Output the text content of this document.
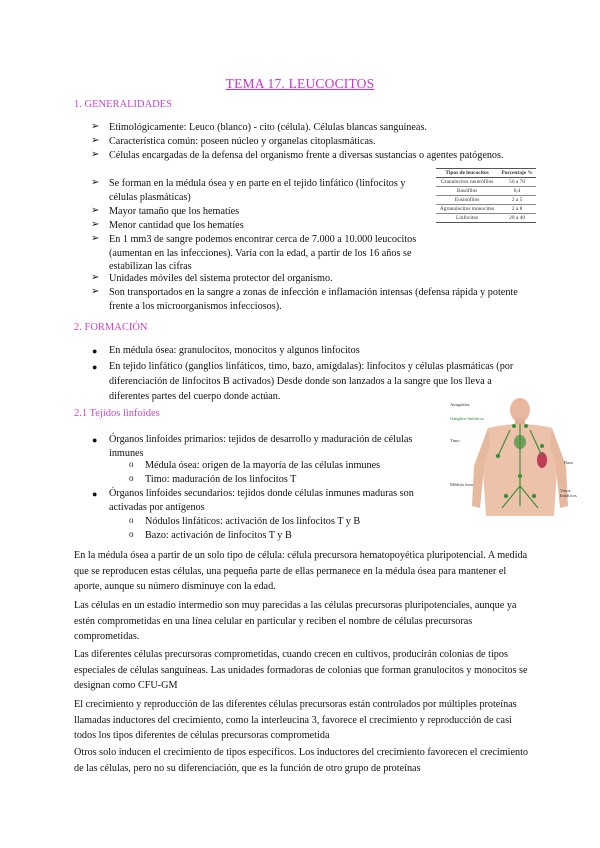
TEMA 17. LEUCOCITOS
1. GENERALIDADES
➢ Etimológicamente: Leuco (blanco) - cito (célula). Células blancas sanguíneas.
➢ Característica común: poseen núcleo y organelas citoplasmáticas.
➢ Células encargadas de la defensa del organismo frente a diversas sustancias o agentes patógenos.
➢ Se forman en la médula ósea y en parte en el tejido linfático (linfocitos y células plasmáticas)
➢ Mayor tamaño que los hematíes
➢ Menor cantidad que los hematíes
➢ En 1 mm3 de sangre podemos encontrar cerca de 7.000 a 10.000 leucocitos (aumentan en las infecciones). Varía con la edad, a partir de los 16 años se estabilizan las cifras
➢ Unidades móviles del sistema protector del organismo.
➢ Son transportados en la sangre a zonas de infección e inflamación intensas (defensa rápida y potente frente a los microorganismos infecciosos).
Tipos de leucocitos	Porcentaje %
Granulocitos neutrófilos	50 a 70
Basófilos	0,4
Eosinófilos	2 a 5
Agranulocitos monocitos	2 a 8
Linfocitos	20 a 40
2. FORMACIÓN
● En médula ósea: granulocitos, monocitos y algunos linfocitos
● En tejido linfático (ganglios linfáticos, timo, bazo, amígdalas): linfocitos y células plasmáticas (por diferenciación de linfocitos B activados) Desde donde son lanzados a la sangre que los lleva a diferentes partes del cuerpo donde actúan.
2.1 Tejidos linfoides
● Órganos linfoides primarios: tejidos de desarrollo y maduración de células inmunes
o Médula ósea: origen de la mayoría de las células inmunes
o Timo: maduración de los linfocitos T
● Órganos linfoides secundarios: tejidos donde células inmunes maduras son activadas por antígenos
o Nódulos linfáticos: activación de los linfocitos T y B
o Bazo: activación de linfocitos T y B
Amígdalas
Ganglios linfáticos
Timo
Bazo
Médula ósea
Vasos linfáticos
En la médula ósea a partir de un solo tipo de célula: célula precursora hematopoyética pluripotencial. A medida que se reproducen estas células, una pequeña parte de ellas permanece en la médula ósea para mantener el aporte, aunque su número disminuye con la edad.
Las células en un estadio intermedio son muy parecidas a las células precursoras pluripotenciales, aunque ya estén comprometidas en una línea celular en particular y reciben el nombre de células precursoras comprometidas.
Las diferentes células precursoras comprometidas, cuando crecen en cultivos, producirán colonias de tipos especiales de células sanguíneas. Las unidades formadoras de colonias que forman granulocitos y monocitos se designan como CFU-GM
El crecimiento y reproducción de las diferentes células precursoras están controlados por múltiples proteínas llamadas inductores del crecimiento, como la interleucina 3, favorece el crecimiento y reproducción de casi todos los tipos diferentes de células precursoras comprometida
Otros solo inducen el crecimiento de tipos específicos. Los inductores del crecimiento favorecen el crecimiento de las células, pero no su diferenciación, que es la función de otro grupo de proteínas
